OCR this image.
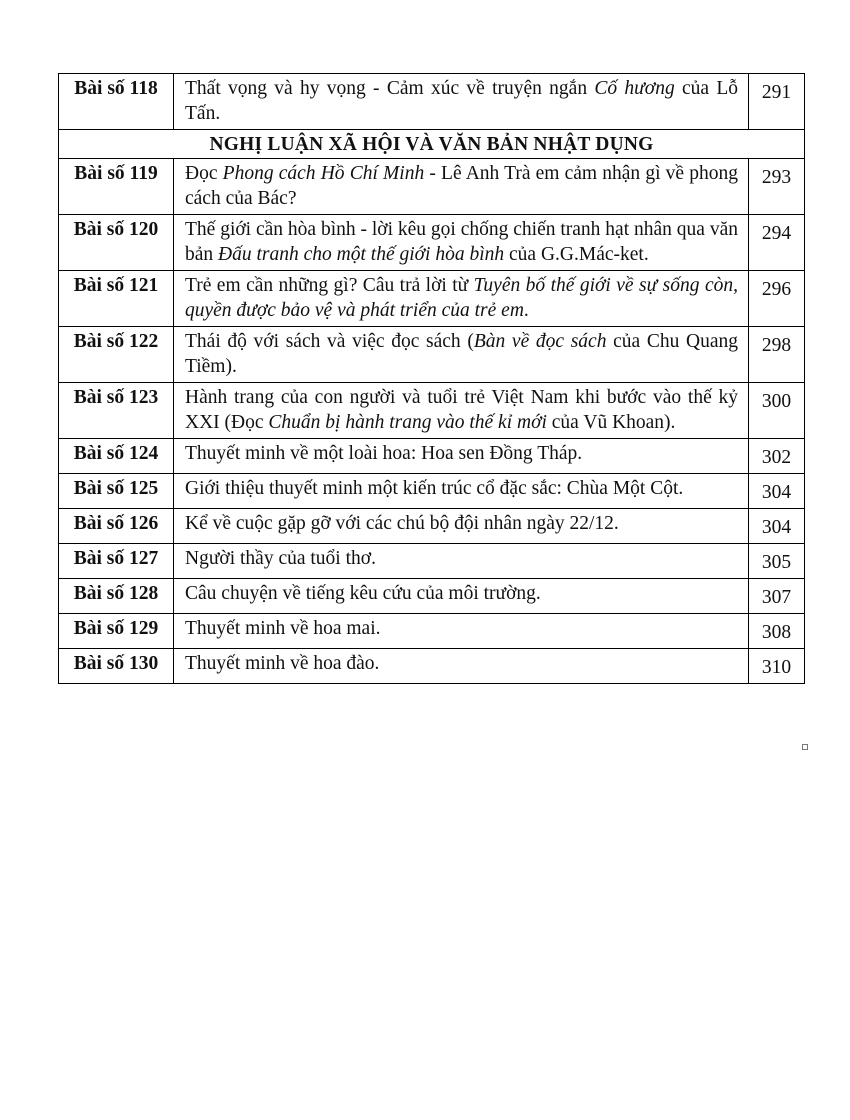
Bài số 118	Thất vọng và hy vọng - Cảm xúc về truyện ngắn Cố hương của Lỗ Tấn.	291
NGHỊ LUẬN XÃ HỘI VÀ VĂN BẢN NHẬT DỤNG		
Bài số 119	Đọc Phong cách Hồ Chí Minh - Lê Anh Trà em cảm nhận gì về phong cách của Bác?	293
Bài số 120	Thế giới cần hòa bình - lời kêu gọi chống chiến tranh hạt nhân qua văn bản Đấu tranh cho một thế giới hòa bình của G.G.Mác-ket.	294
Bài số 121	Trẻ em cần những gì? Câu trả lời từ Tuyên bố thế giới về sự sống còn, quyền được bảo vệ và phát triển của trẻ em.	296
Bài số 122	Thái độ với sách và việc đọc sách (Bàn về đọc sách của Chu Quang Tiềm).	298
Bài số 123	Hành trang của con người và tuổi trẻ Việt Nam khi bước vào thế kỷ XXI (Đọc Chuẩn bị hành trang vào thế kỉ mới của Vũ Khoan).	300
Bài số 124	Thuyết minh về một loài hoa: Hoa sen Đồng Tháp.	302
Bài số 125	Giới thiệu thuyết minh một kiến trúc cổ đặc sắc: Chùa Một Cột.	304
Bài số 126	Kể về cuộc gặp gỡ với các chú bộ đội nhân ngày 22/12.	304
Bài số 127	Người thầy của tuổi thơ.	305
Bài số 128	Câu chuyện về tiếng kêu cứu của môi trường.	307
Bài số 129	Thuyết minh về hoa mai.	308
Bài số 130	Thuyết minh về hoa đào.	310
